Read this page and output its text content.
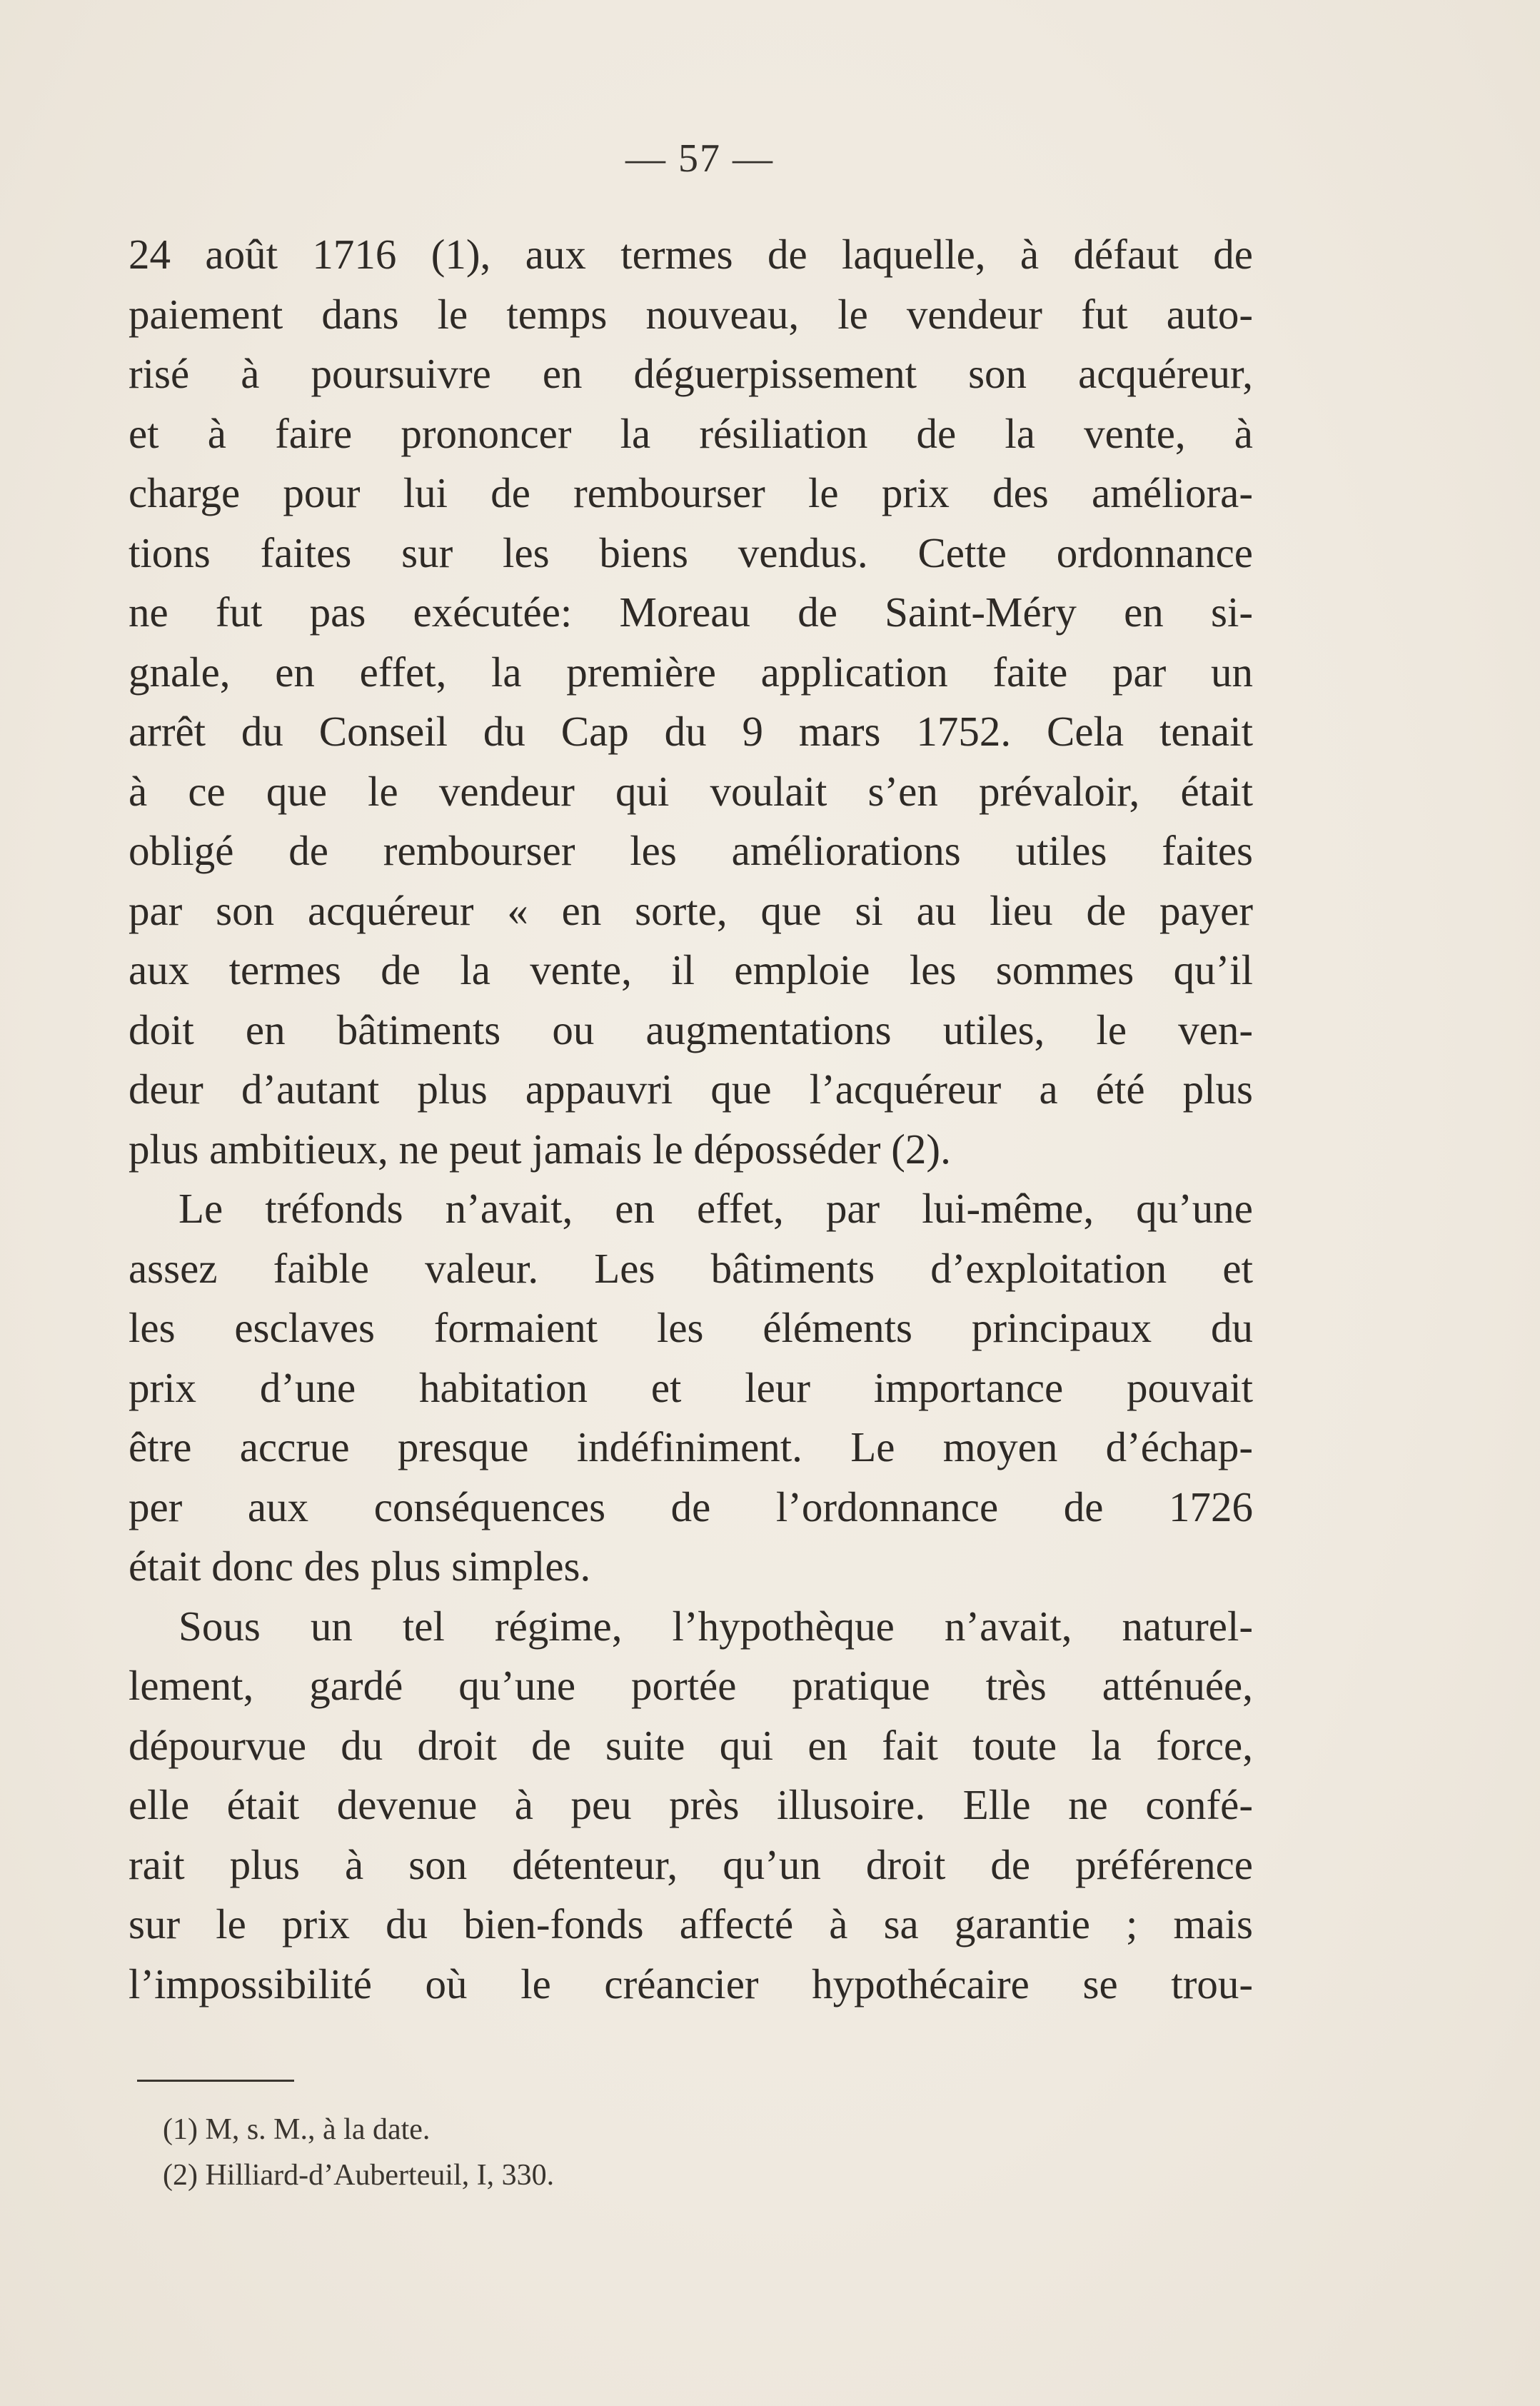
— 57 —
24 août 1716 (1), aux termes de laquelle, à défaut de
paiement dans le temps nouveau, le vendeur fut auto-
risé à poursuivre en déguerpissement son acquéreur,
et à faire prononcer la résiliation de la vente, à
charge pour lui de rembourser le prix des améliora-
tions faites sur les biens vendus. Cette ordonnance
ne fut pas exécutée: Moreau de Saint-Méry en si-
gnale, en effet, la première application faite par un
arrêt du Conseil du Cap du 9 mars 1752. Cela tenait
à ce que le vendeur qui voulait s’en prévaloir, était
obligé de rembourser les améliorations utiles faites
par son acquéreur « en sorte, que si au lieu de payer
aux termes de la vente, il emploie les sommes qu’il
doit en bâtiments ou augmentations utiles, le ven-
deur d’autant plus appauvri que l’acquéreur a été plus
plus ambitieux, ne peut jamais le déposséder (2).
Le tréfonds n’avait, en effet, par lui-même, qu’une
assez faible valeur. Les bâtiments d’exploitation et
les esclaves formaient les éléments principaux du
prix d’une habitation et leur importance pouvait
être accrue presque indéfiniment. Le moyen d’échap-
per aux conséquences de l’ordonnance de 1726
était donc des plus simples.
Sous un tel régime, l’hypothèque n’avait, naturel-
lement, gardé qu’une portée pratique très atténuée,
dépourvue du droit de suite qui en fait toute la force,
elle était devenue à peu près illusoire. Elle ne confé-
rait plus à son détenteur, qu’un droit de préférence
sur le prix du bien-fonds affecté à sa garantie ; mais
l’impossibilité où le créancier hypothécaire se trou-
(1) M, s. M., à la date.
(2) Hilliard-d’Auberteuil, I, 330.
